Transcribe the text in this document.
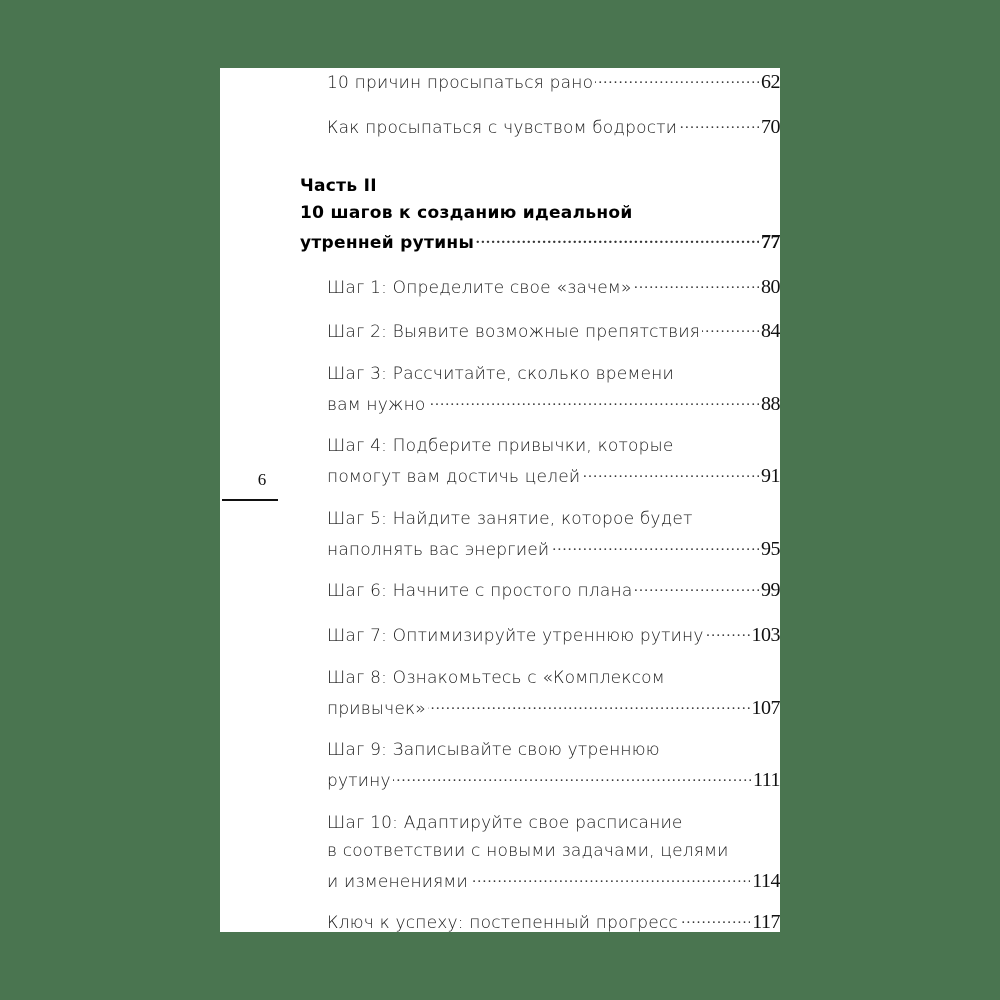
6
10 причин просыпаться рано . . .	62
Как просыпаться с чувством бодрости . . .	70
Часть II
10 шагов к созданию идеальной
утренней рутины . . .	77
Шаг 1: Определите свое «зачем» . . .	80
Шаг 2: Выявите возможные препятствия . . .	84
Шаг 3: Рассчитайте, сколько времени
вам нужно . . .	88
Шаг 4: Подберите привычки, которые
помогут вам достичь целей . . .	91
Шаг 5: Найдите занятие, которое будет
наполнять вас энергией . . .	95
Шаг 6: Начните с простого плана . . .	99
Шаг 7: Оптимизируйте утреннюю рутину . . . 103
Шаг 8: Ознакомьтесь с «Комплексом
привычек» . . .	107
Шаг 9: Записывайте свою утреннюю
рутину . . .	111
Шаг 10: Адаптируйте свое расписание
в соответствии с новыми задачами, целями
и изменениями . . .	114
Ключ к успеху: постепенный прогресс . . .	117
